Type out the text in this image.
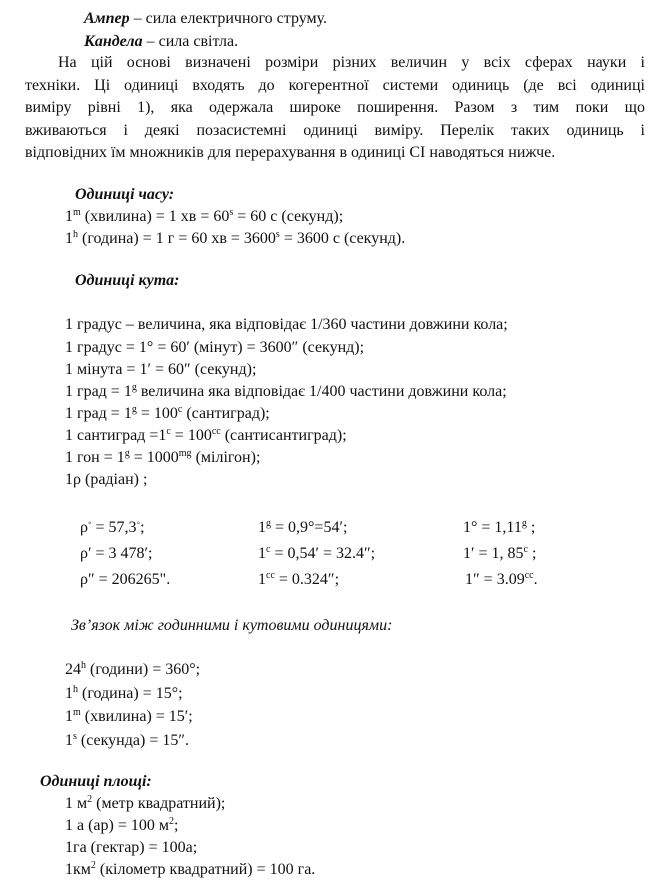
Ампер – сила електричного струму.
Кандела – сила світла.
На цій основі визначені розміри різних величин у всіх сферах науки і
техніки. Ці одиниці входять до когерентної системи одиниць (де всі одиниці
виміру рівні 1), яка одержала широке поширення. Разом з тим поки що
вживаються і деякі позасистемні одиниці виміру. Перелік таких одиниць і
відповідних їм множників для перерахування в одиниці СІ наводяться нижче.
Одиниці часу:
1$^m$ (хвилина) = 1 хв = $60^s = 60$ с (секунд);
1$^h$ (година) = 1 г = 60 хв = $3600^s = 3600$ с (секунд).
Одиниці кута:
1 градус – величина, яка відповідає 1/360 частини довжини кола;
1 градус = 1° = 60′ (мінут) = 3600″ (секунд);
1 мінута = 1′ = 60″ (секунд);
1 град = $1^g$ величина яка відповідає 1/400 частини довжини кола;
1 град = $1^g = 100^c$ (сантиград);
1 сантиград $=1^c = 100^{cc}$ (сантисантиград);
1 гон = $1^g = 1000^{mg}$ (мілігон);
1ρ (радіан) ;
ρ◦ = 57,3◦;	$1^g = 0,9^\circ=54'$;	1° = 1,11$^g$ ;
ρ′ = 3 478′;	$1^c = 0,54' = 32.4''$;	1′ = 1, 85$^c$ ;
ρ″ = 206265".	$1^{cc} = 0.324''$;	1″ = 3.09$^{cc}$.
Зв’язок між годинними і кутовими одиницями:
24$^h$ (години) = 360°;
1$^h$ (година) = 15°;
1$^m$ (хвилина) = 15′;
1$^s$ (секунда) = 15″.
Одиниці площі:
1 $м^2$ (метр квадратний);
1 а (ар) = 100 $м^2$;
1га (гектар) = 100а;
$1км^2$ (кілометр квадратний) = 100 га.
